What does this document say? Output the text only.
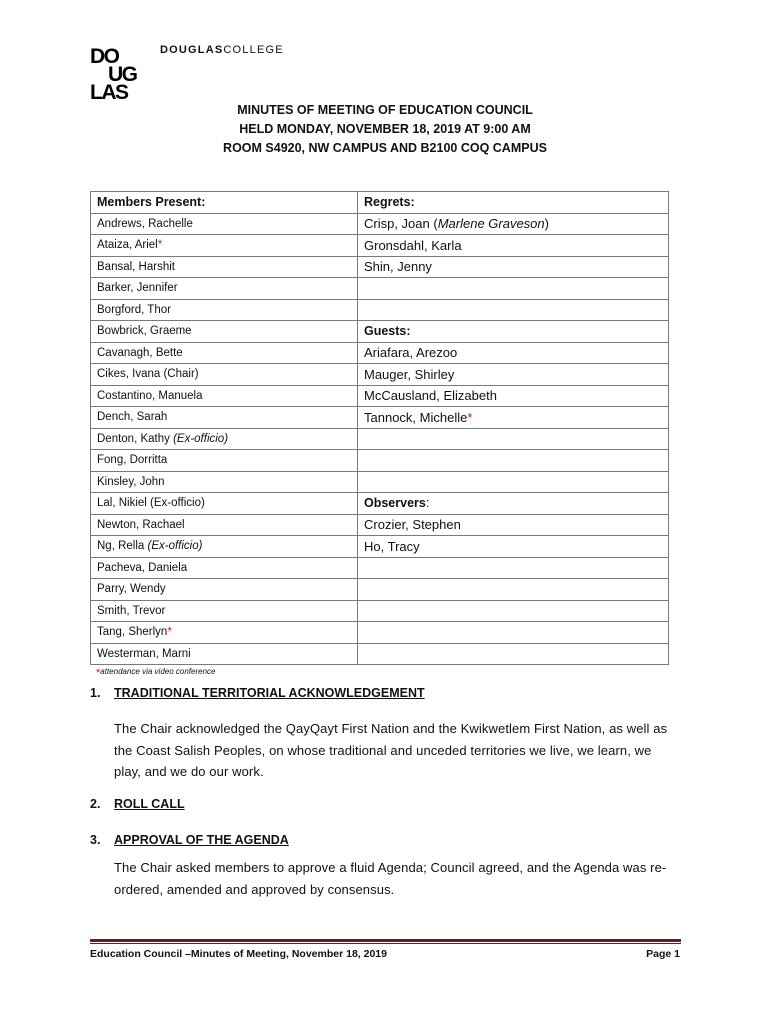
DO
UG
LAS
DOUGLASCOLLEGE
MINUTES OF MEETING OF EDUCATION COUNCIL
HELD MONDAY, NOVEMBER 18, 2019 AT 9:00 AM
ROOM S4920, NW CAMPUS AND B2100 COQ CAMPUS
Members Present:	Regrets:
Andrews, Rachelle	Crisp, Joan (Marlene Graveson)
Ataiza, Ariel*	Gronsdahl, Karla
Bansal, Harshit	Shin, Jenny
Barker, Jennifer	
Borgford, Thor	
Bowbrick, Graeme	Guests:
Cavanagh, Bette	Ariafara, Arezoo
Cikes, Ivana (Chair)	Mauger, Shirley
Costantino, Manuela	McCausland, Elizabeth
Dench, Sarah	Tannock, Michelle*
Denton, Kathy (Ex-officio)	
Fong, Dorritta	
Kinsley, John	
Lal, Nikiel (Ex-officio)	Observers:
Newton, Rachael	Crozier, Stephen
Ng, Rella (Ex-officio)	Ho, Tracy
Pacheva, Daniela	
Parry, Wendy	
Smith, Trevor	
Tang, Sherlyn*	
Westerman, Marni	
*attendance via video conference
1. TRADITIONAL TERRITORIAL ACKNOWLEDGEMENT
The Chair acknowledged the QayQayt First Nation and the Kwikwetlem First Nation, as well as the Coast Salish Peoples, on whose traditional and unceded territories we live, we learn, we play, and we do our work.
2. ROLL CALL
3. APPROVAL OF THE AGENDA
The Chair asked members to approve a fluid Agenda; Council agreed, and the Agenda was re-ordered, amended and approved by consensus.
Education Council –Minutes of Meeting, November 18, 2019	Page 1
